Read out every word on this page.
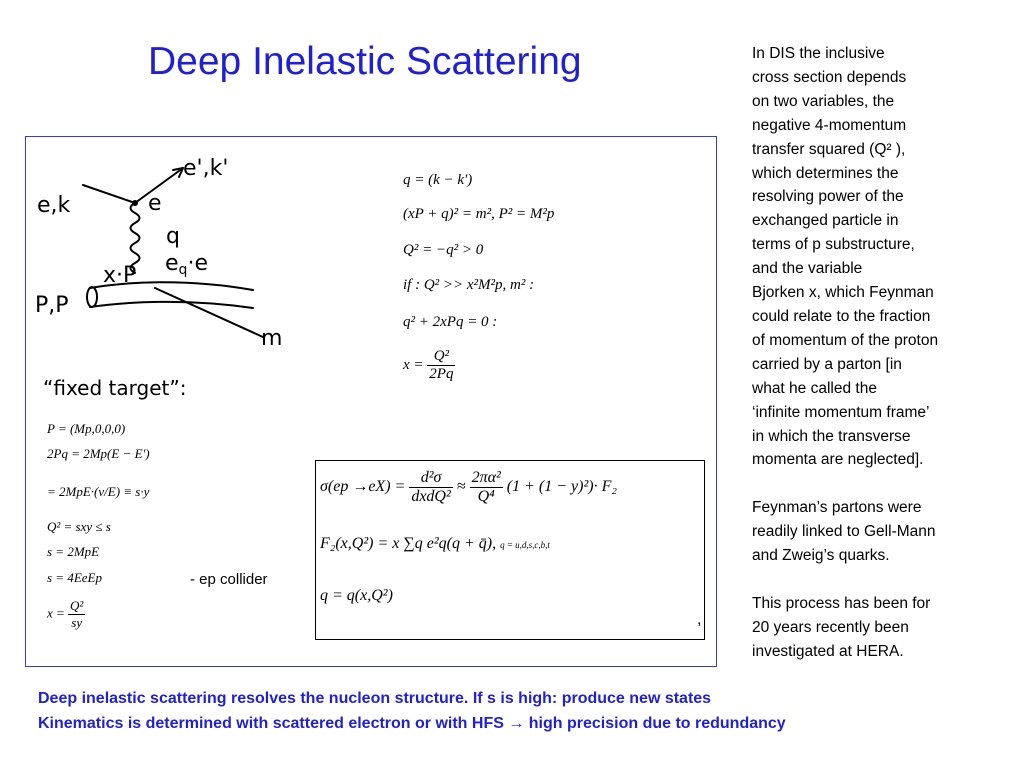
Deep Inelastic Scattering
e,k
e',k'
e
q
P,P
x·P eq·e
m
“fixed target”:
q = (k − k')
(xP + q)² = m², P² = M²p
Q² = −q² > 0
if : Q² >> x²M²p, m² :
q² + 2xPq = 0 :
$x = \frac{\text{Q²}}{2Pq}$
P = (Mp,0,0,0)
2Pq = 2Mp(E − E')
= 2MpE·(ν/E) ≡ s·y
Q² = sxy ≤ s
s = 2MpE
s = 4EeEp
$x = \frac{\text{Q²}}{sy}$
- ep collider
$\sigma(ep \to eX) = \frac{\text{d²σ}}{\text{dxdQ²}} \approx \frac{\text{2πα²}}{\text{Q⁴}} (1 + (1 - y)^2)\cdot F_2$
F₂(x,Q²) = x ∑q e²q(q + q̄), q = u,d,s,c,b,t
q = q(x,Q²)
,

In DIS the inclusive
cross section depends
on two variables, the
negative 4-momentum
transfer squared (Q² ),
which determines the
resolving power of the
exchanged particle in
terms of p substructure,
and the variable
Bjorken x, which Feynman
could relate to the fraction
of momentum of the proton
carried by a parton [in
what he called the
‘infinite momentum frame’
in which the transverse
momenta are neglected].

Feynman’s partons were
readily linked to Gell-Mann
and Zweig’s quarks.

This process has been for
20 years recently been
investigated at HERA.

Deep inelastic scattering resolves the nucleon structure. If s is high: produce new states
Kinematics is determined with scattered electron or with HFS → high precision due to redundancy
